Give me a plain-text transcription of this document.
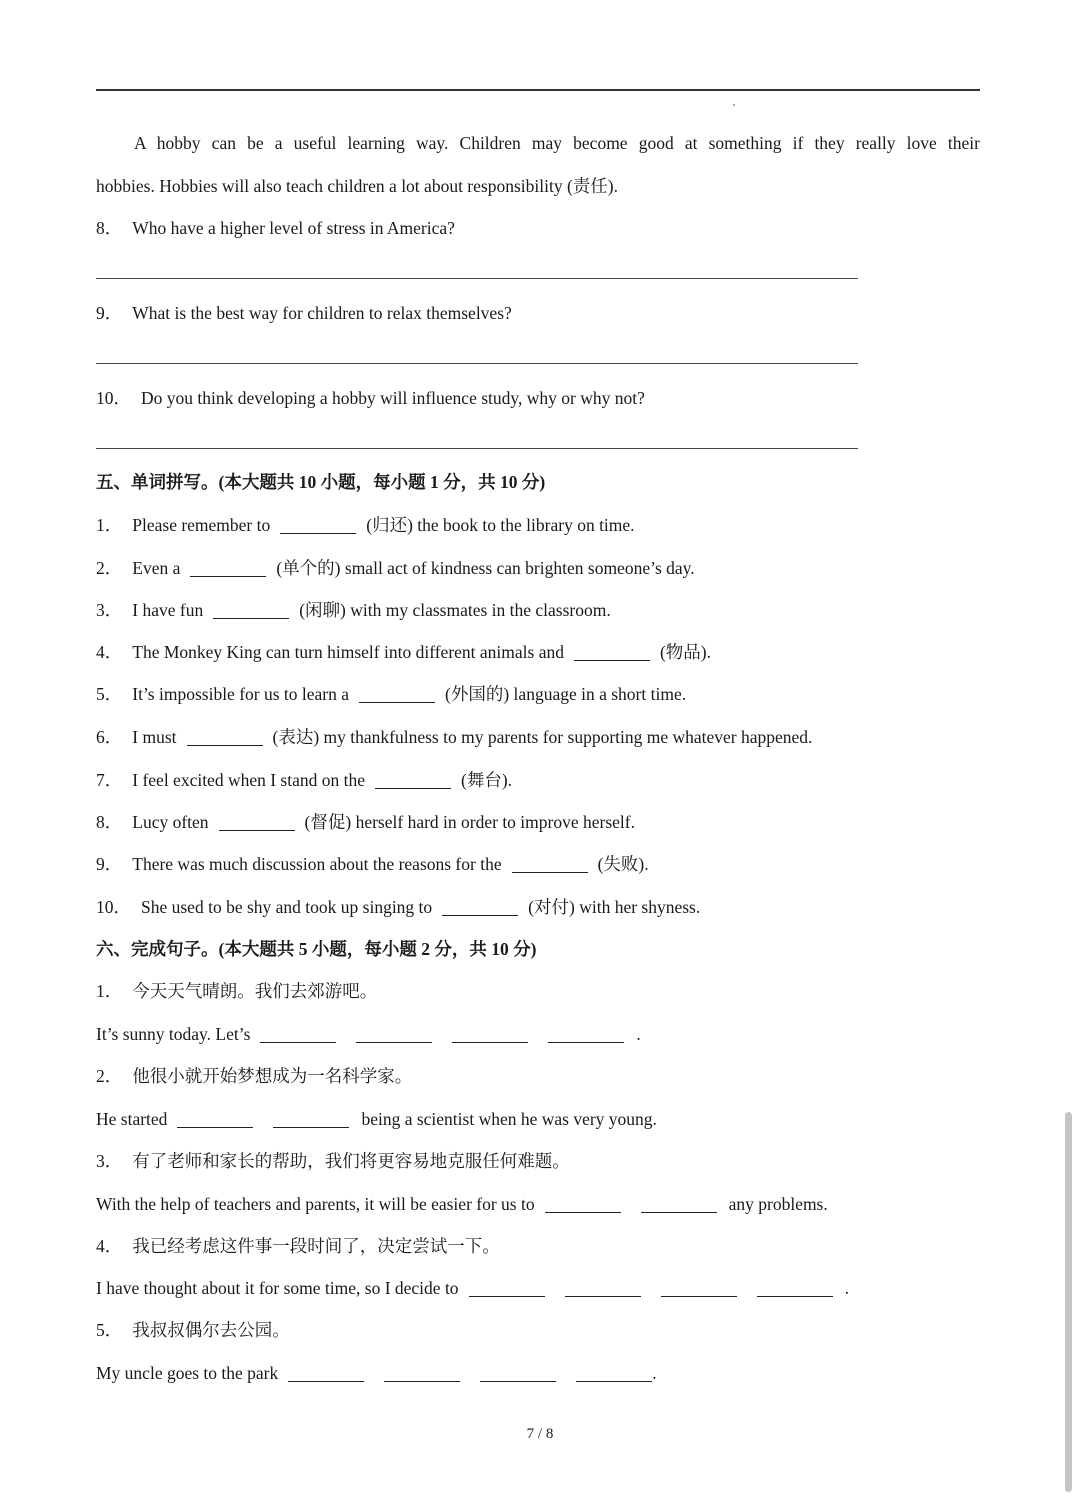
A hobby can be a useful learning way. Children may become good at something if they really love their
hobbies. Hobbies will also teach children a lot about responsibility (责任).
8． Who have a higher level of stress in America?
9． What is the best way for children to relax themselves?
10． Do you think developing a hobby will influence study, why or why not?
五、单词拼写。(本大题共 10 小题，每小题 1 分，共 10 分)
1． Please remember to	(归还) the book to the library on time.
2． Even a	(单个的) small act of kindness can brighten someone’s day.
3． I have fun	(闲聊) with my classmates in the classroom.
4． The Monkey King can turn himself into different animals and	(物品).
5． It’s impossible for us to learn a	(外国的) language in a short time.
6． I must	(表达) my thankfulness to my parents for supporting me whatever happened.
7． I feel excited when I stand on the	(舞台).
8． Lucy often	(督促) herself hard in order to improve herself.
9． There was much discussion about the reasons for the	(失败).
10． She used to be shy and took up singing to	(对付) with her shyness.
六、完成句子。(本大题共 5 小题，每小题 2 分，共 10 分)
1． 今天天气晴朗。我们去郊游吧。
It’s sunny today. Let’s	.
2． 他很小就开始梦想成为一名科学家。
He started	being a scientist when he was very young.
3． 有了老师和家长的帮助，我们将更容易地克服任何难题。
With the help of teachers and parents, it will be easier for us to	any problems.
4． 我已经考虑这件事一段时间了，决定尝试一下。
I have thought about it for some time, so I decide to	.
5． 我叔叔偶尔去公园。
My uncle goes to the park	.
7 / 8
